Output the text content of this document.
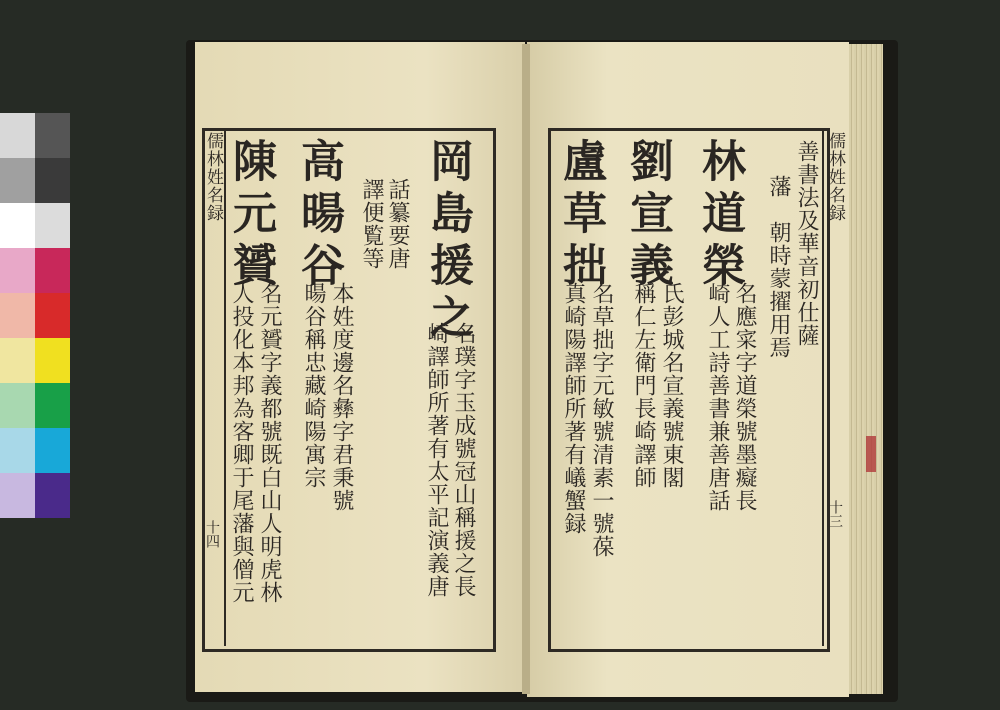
儒林姓名録
十四
岡島援之
名璞字玉成號冠山稱援之長
崎譯師所著有太平記演義唐
話纂要唐
譯便覧等
高暘谷
本姓度邊名彝字君秉號
暘谷稱忠藏崎陽寓宗
陳元贇
名元贇字義都號既白山人明虎林
人投化本邦為客卿于尾藩與僧元
儒林姓名録
十三
善書法及華音初仕薩
藩　朝時蒙擢用焉
林道榮
名應寀字道榮號墨癡長
崎人工詩善書兼善唐話
劉宣義
氏彭城名宣義號東閣
稱仁左衛門長崎譯師
盧草拙
名草拙字元敏號清素一號葆
真崎陽譯師所著有嶬蟹録
